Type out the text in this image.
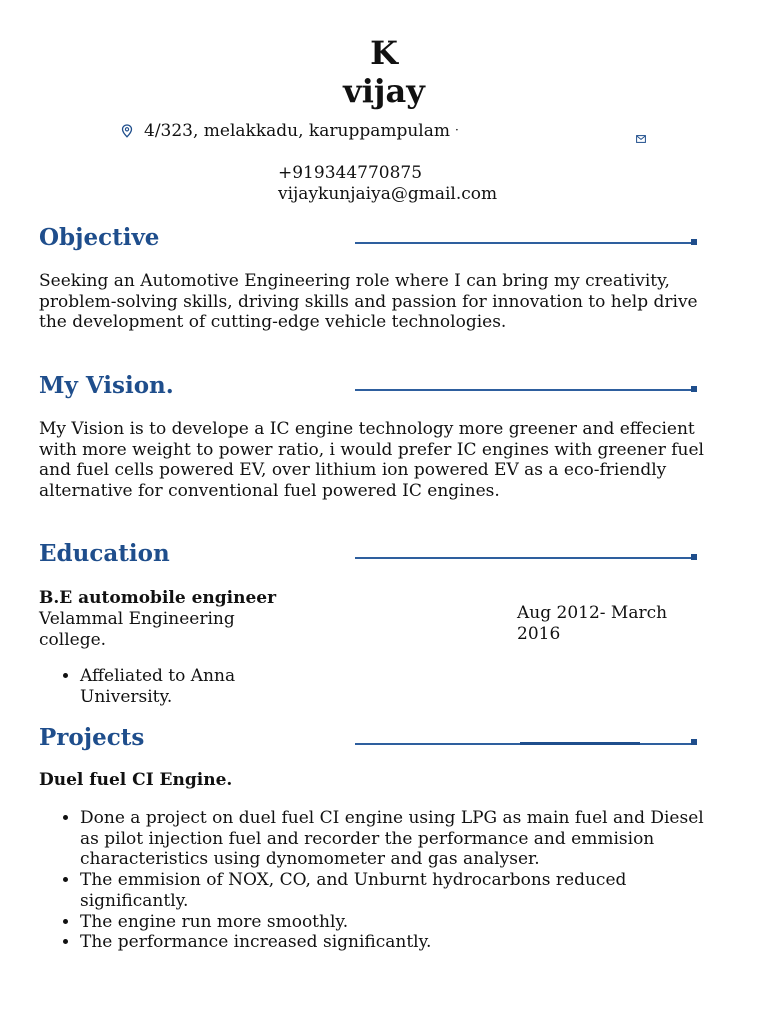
K
vijay
4/323, melakkadu, karuppampulam ·
+919344770875
vijaykunjaiya@gmail.com
Objective

Seeking an Automotive Engineering role where I can bring my creativity, problem-solving skills, driving skills and passion for innovation to help drive the development of cutting-edge vehicle technologies.

My Vision.

My Vision is to develope a IC engine technology more greener and effecient with more weight to power ratio, i would prefer IC engines with greener fuel and fuel cells powered EV, over lithium ion powered EV as a eco-friendly alternative for conventional fuel powered IC engines.

Education

B.E automobile engineer

Velammal Engineering

college.

Aug 2012- March

2016

• Affeliated to Anna University.
Projects

Duel fuel CI Engine.

• Done a project on duel fuel CI engine using LPG as main fuel and Diesel as pilot injection fuel and recorder the performance and emmision characteristics using dynomometer and gas analyser.
• The emmision of NOX, CO, and Unburnt hydrocarbons reduced significantly.
• The engine run more smoothly.
• The performance increased significantly.
